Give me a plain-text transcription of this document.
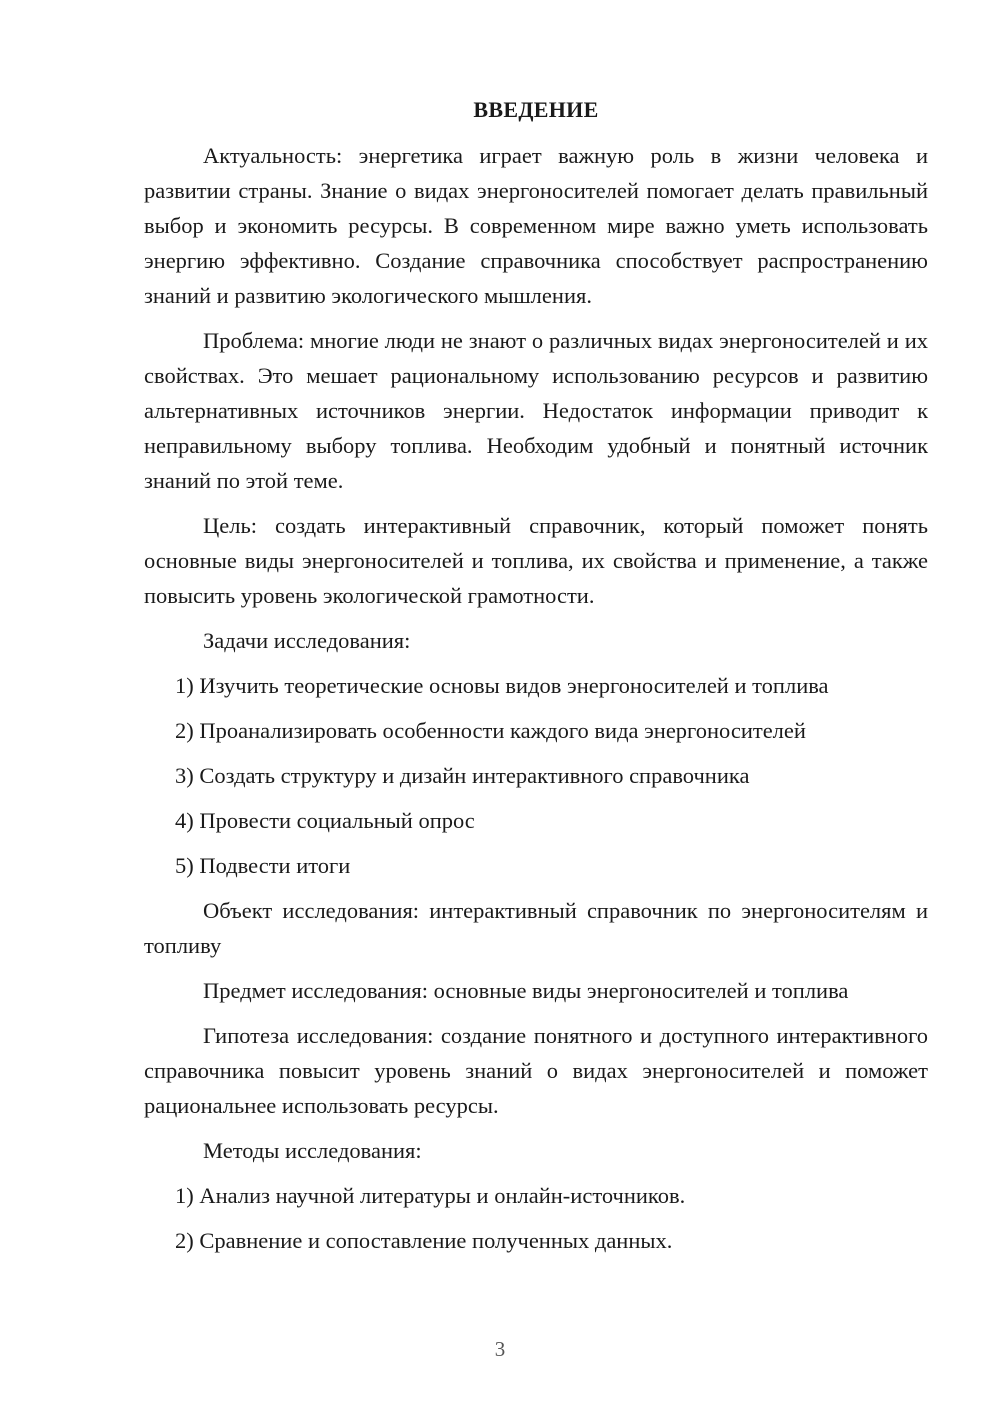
ВВЕДЕНИЕ

Актуальность: энергетика играет важную роль в жизни человека и развитии страны. Знание о видах энергоносителей помогает делать правильный выбор и экономить ресурсы. В современном мире важно уметь использовать энергию эффективно. Создание справочника способствует распространению знаний и развитию экологического мышления.

Проблема: многие люди не знают о различных видах энергоносителей и их свойствах. Это мешает рациональному использованию ресурсов и развитию альтернативных источников энергии. Недостаток информации приводит к неправильному выбору топлива. Необходим удобный и понятный источник знаний по этой теме.

Цель: создать интерактивный справочник, который поможет понять основные виды энергоносителей и топлива, их свойства и применение, а также повысить уровень экологической грамотности.

Задачи исследования:

1) Изучить теоретические основы видов энергоносителей и топлива

2) Проанализировать особенности каждого вида энергоносителей

3) Создать структуру и дизайн интерактивного справочника

4) Провести социальный опрос

5) Подвести итоги

Объект исследования: интерактивный справочник по энергоносителям и топливу

Предмет исследования: основные виды энергоносителей и топлива

Гипотеза исследования: создание понятного и доступного интерактивного справочника повысит уровень знаний о видах энергоносителей и поможет рациональнее использовать ресурсы.

Методы исследования:

1) Анализ научной литературы и онлайн-источников.

2) Сравнение и сопоставление полученных данных.

3
